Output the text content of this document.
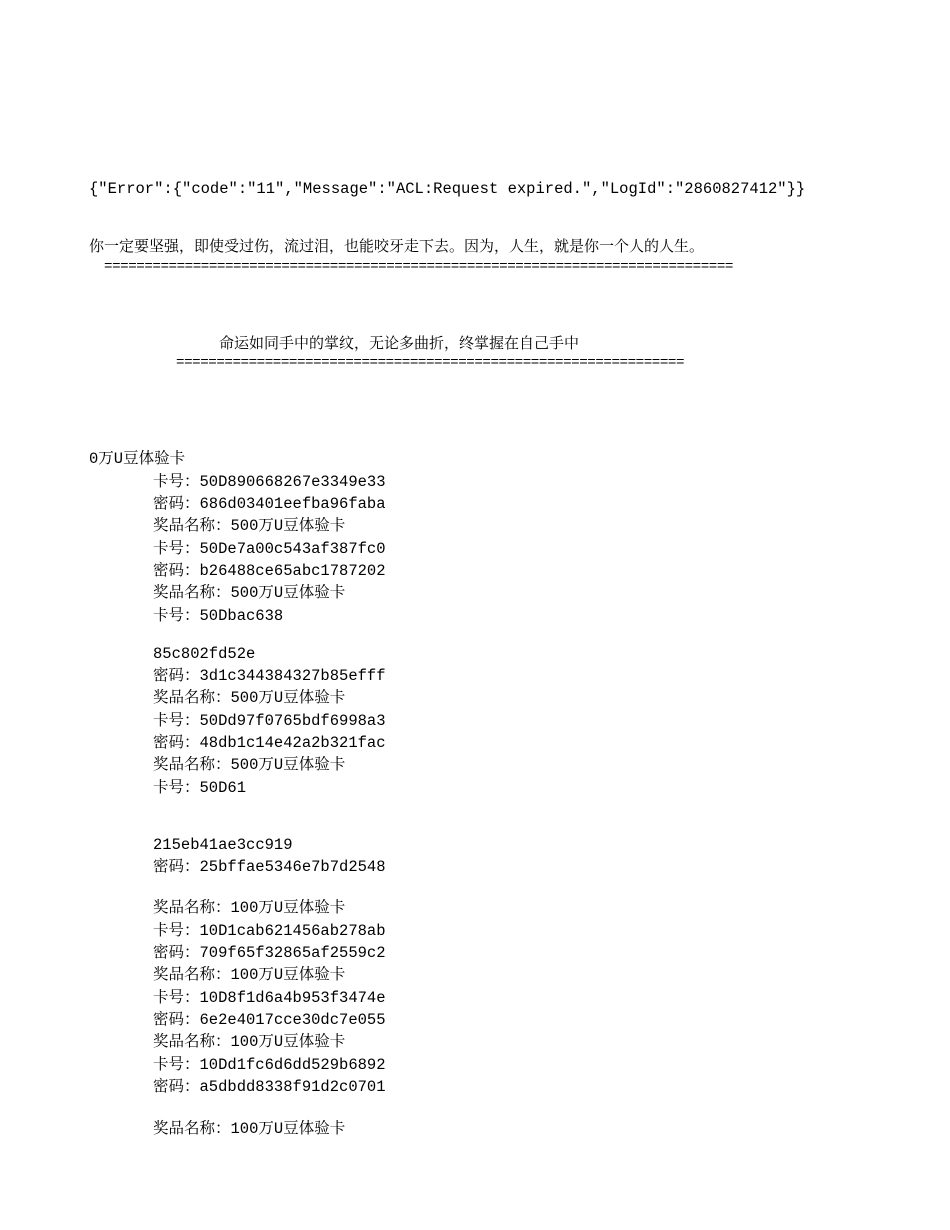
{"Error":{"code":"11","Message":"ACL:Request expired.","LogId":"2860827412"}}

你一定要坚强，即使受过伤，流过泪，也能咬牙走下去。因为，人生，就是你一个人的人生。

==============================================================================

命运如同手中的掌纹，无论多曲折，终掌握在自己手中

===============================================================

0万U豆体验卡

卡号：50D890668267e3349e33

密码：686d03401eefba96faba

奖品名称：500万U豆体验卡

卡号：50De7a00c543af387fc0

密码：b26488ce65abc1787202

奖品名称：500万U豆体验卡

卡号：50Dbac638

85c802fd52e

密码：3d1c344384327b85efff

奖品名称：500万U豆体验卡

卡号：50Dd97f0765bdf6998a3

密码：48db1c14e42a2b321fac

奖品名称：500万U豆体验卡

卡号：50D61

215eb41ae3cc919

密码：25bffae5346e7b7d2548

奖品名称：100万U豆体验卡

卡号：10D1cab621456ab278ab

密码：709f65f32865af2559c2

奖品名称：100万U豆体验卡

卡号：10D8f1d6a4b953f3474e

密码：6e2e4017cce30dc7e055

奖品名称：100万U豆体验卡

卡号：10Dd1fc6d6dd529b6892

密码：a5dbdd8338f91d2c0701

奖品名称：100万U豆体验卡
